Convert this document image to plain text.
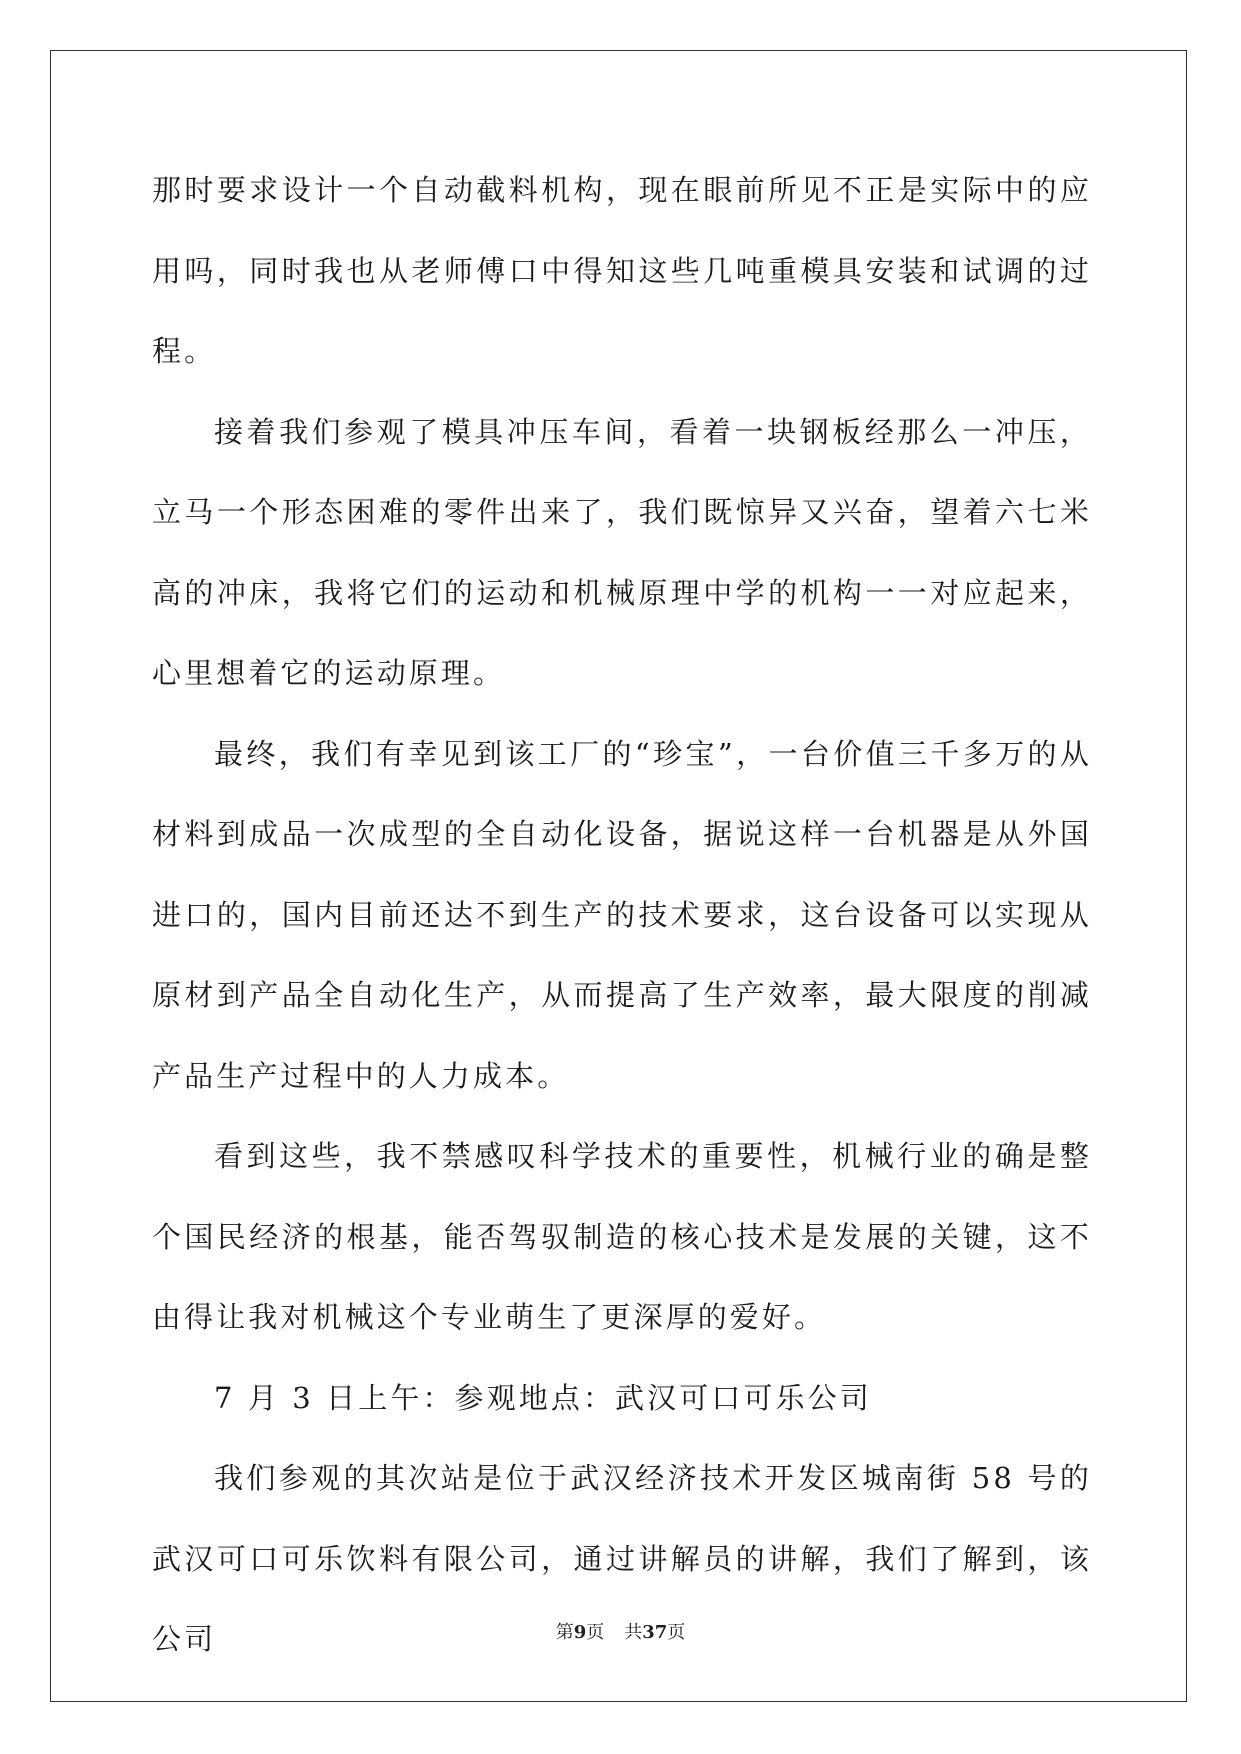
那时要求设计一个自动截料机构，现在眼前所见不正是实际中的应用吗，同时我也从老师傅口中得知这些几吨重模具安装和试调的过程。

接着我们参观了模具冲压车间，看着一块钢板经那么一冲压，立马一个形态困难的零件出来了，我们既惊异又兴奋，望着六七米高的冲床，我将它们的运动和机械原理中学的机构一一对应起来，心里想着它的运动原理。

最终，我们有幸见到该工厂的“珍宝”，一台价值三千多万的从材料到成品一次成型的全自动化设备，据说这样一台机器是从外国进口的，国内目前还达不到生产的技术要求，这台设备可以实现从原材到产品全自动化生产，从而提高了生产效率，最大限度的削减产品生产过程中的人力成本。

看到这些，我不禁感叹科学技术的重要性，机械行业的确是整个国民经济的根基，能否驾驭制造的核心技术是发展的关键，这不由得让我对机械这个专业萌生了更深厚的爱好。

7 月 3 日上午：参观地点：武汉可口可乐公司

我们参观的其次站是位于武汉经济技术开发区城南街 58 号的武汉可口可乐饮料有限公司，通过讲解员的讲解，我们了解到，该公司	第9页 共37页
